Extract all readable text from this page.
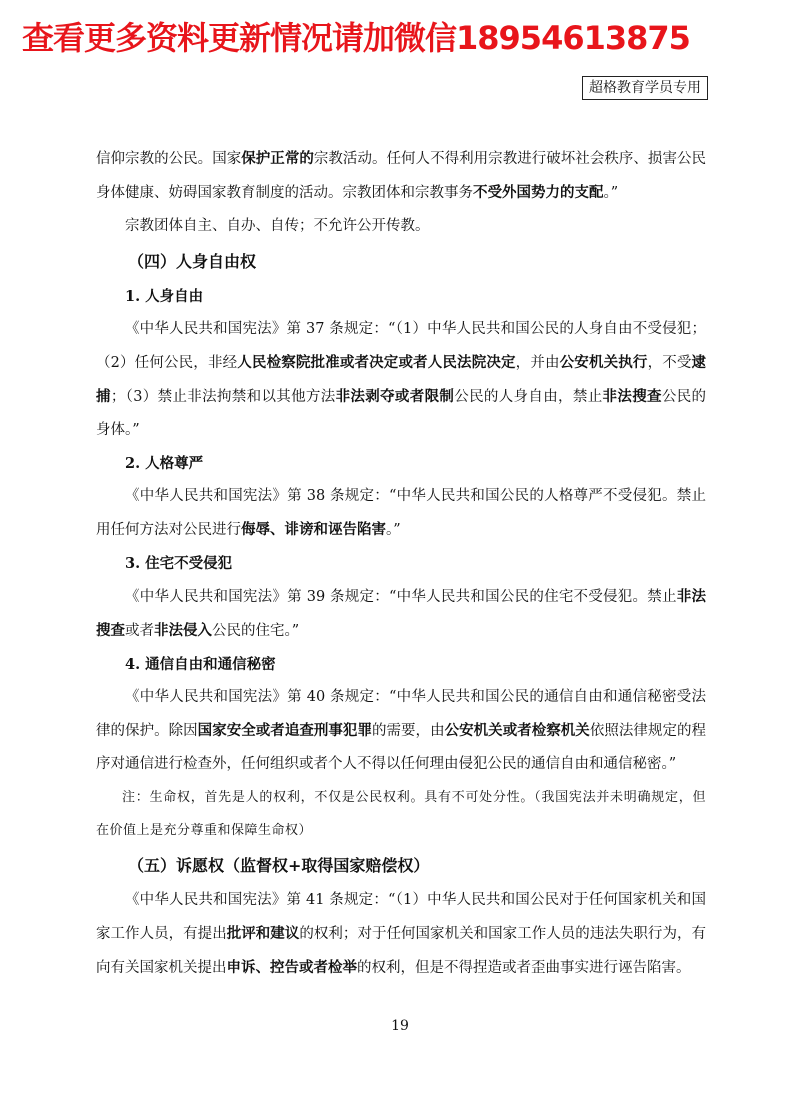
查看更多资料更新情况请加微信18954613875
超格教育学员专用

信仰宗教的公民。国家保护正常的宗教活动。任何人不得利用宗教进行破坏社会秩序、损害公民身体健康、妨碍国家教育制度的活动。宗教团体和宗教事务不受外国势力的支配。”

宗教团体自主、自办、自传；不允许公开传教。

（四）人身自由权

1. 人身自由

《中华人民共和国宪法》第 37 条规定：“（1）中华人民共和国公民的人身自由不受侵犯；（2）任何公民，非经人民检察院批准或者决定或者人民法院决定，并由公安机关执行，不受逮捕；（3）禁止非法拘禁和以其他方法非法剥夺或者限制公民的人身自由，禁止非法搜查公民的身体。”

2. 人格尊严

《中华人民共和国宪法》第 38 条规定：“中华人民共和国公民的人格尊严不受侵犯。禁止用任何方法对公民进行侮辱、诽谤和诬告陷害。”

3. 住宅不受侵犯

《中华人民共和国宪法》第 39 条规定：“中华人民共和国公民的住宅不受侵犯。禁止非法搜查或者非法侵入公民的住宅。”

4. 通信自由和通信秘密

《中华人民共和国宪法》第 40 条规定：“中华人民共和国公民的通信自由和通信秘密受法律的保护。除因国家安全或者追查刑事犯罪的需要，由公安机关或者检察机关依照法律规定的程序对通信进行检查外，任何组织或者个人不得以任何理由侵犯公民的通信自由和通信秘密。”

注：生命权，首先是人的权利，不仅是公民权利。具有不可处分性。（我国宪法并未明确规定，但在价值上是充分尊重和保障生命权）

（五）诉愿权（监督权+取得国家赔偿权）

《中华人民共和国宪法》第 41 条规定：“（1）中华人民共和国公民对于任何国家机关和国家工作人员，有提出批评和建议的权利；对于任何国家机关和国家工作人员的违法失职行为，有向有关国家机关提出申诉、控告或者检举的权利，但是不得捏造或者歪曲事实进行诬告陷害。

19
